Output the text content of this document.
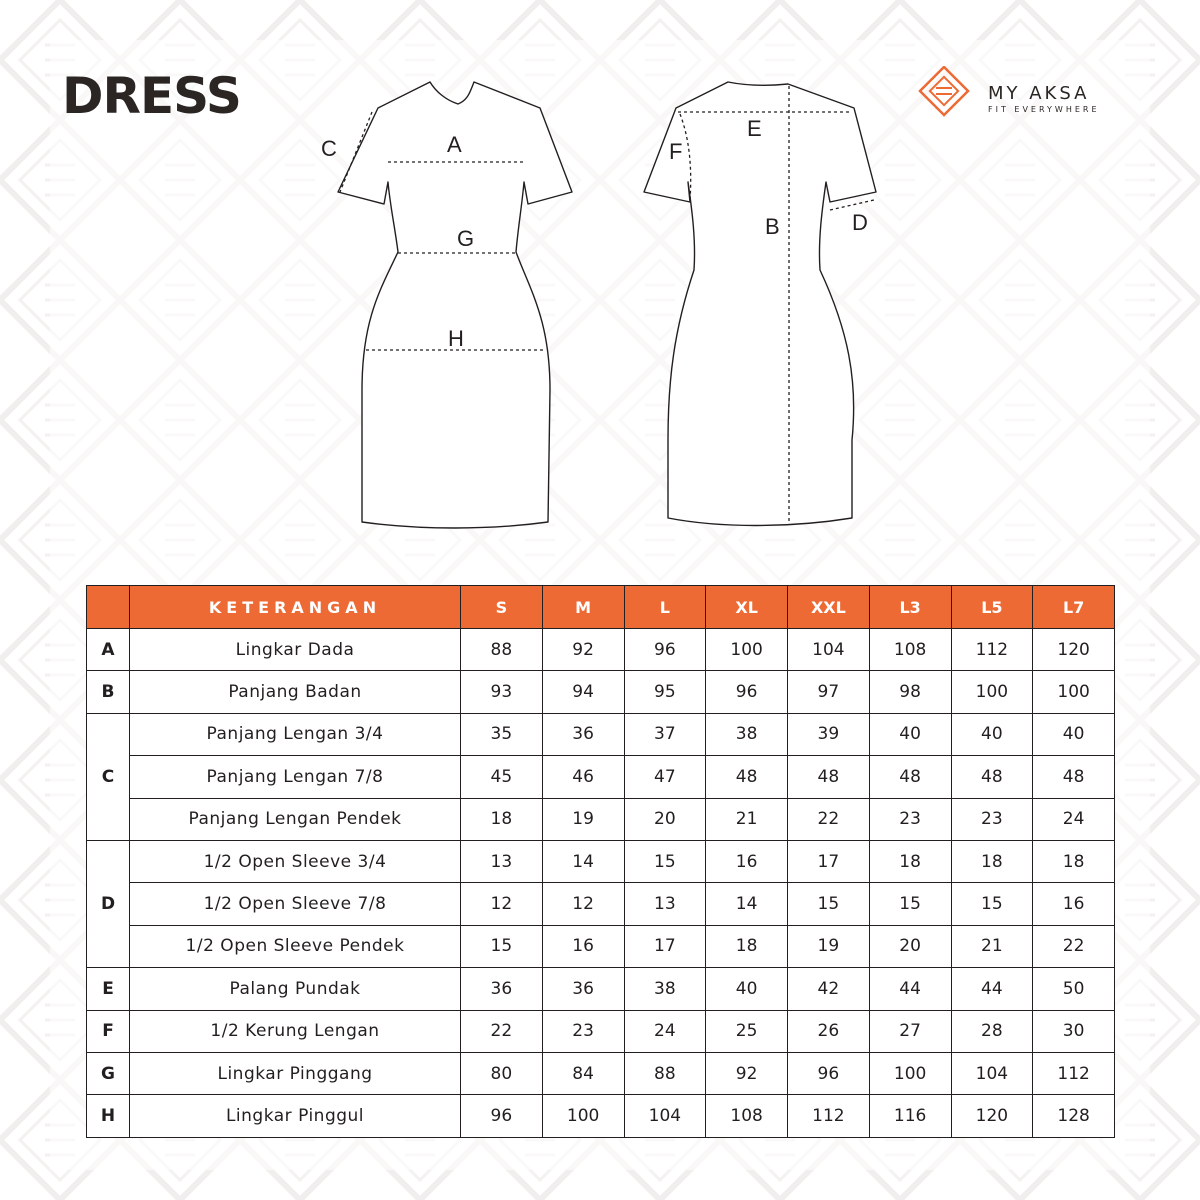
DRESS	MY AKSA
FIT EVERYWHERE
A
C
G
H
E
F
B	D
	KETERANGAN	S	M	L	XL	XXL	L3	L5	L7
A	Lingkar Dada	88	92	96	100	104	108	112	120
B	Panjang Badan	93	94	95	96	97	98	100	100
C	Panjang Lengan 3/4	35	36	37	38	39	40	40	40
	Panjang Lengan 7/8	45	46	47	48	48	48	48	48
	Panjang Lengan Pendek	18	19	20	21	22	23	23	24
D	1/2 Open Sleeve 3/4	13	14	15	16	17	18	18	18
	1/2 Open Sleeve 7/8	12	12	13	14	15	15	15	16
	1/2 Open Sleeve Pendek	15	16	17	18	19	20	21	22
E	Palang Pundak	36	36	38	40	42	44	44	50
F	1/2 Kerung Lengan	22	23	24	25	26	27	28	30
G	Lingkar Pinggang	80	84	88	92	96	100	104	112
H	Lingkar Pinggul	96	100	104	108	112	116	120	128
